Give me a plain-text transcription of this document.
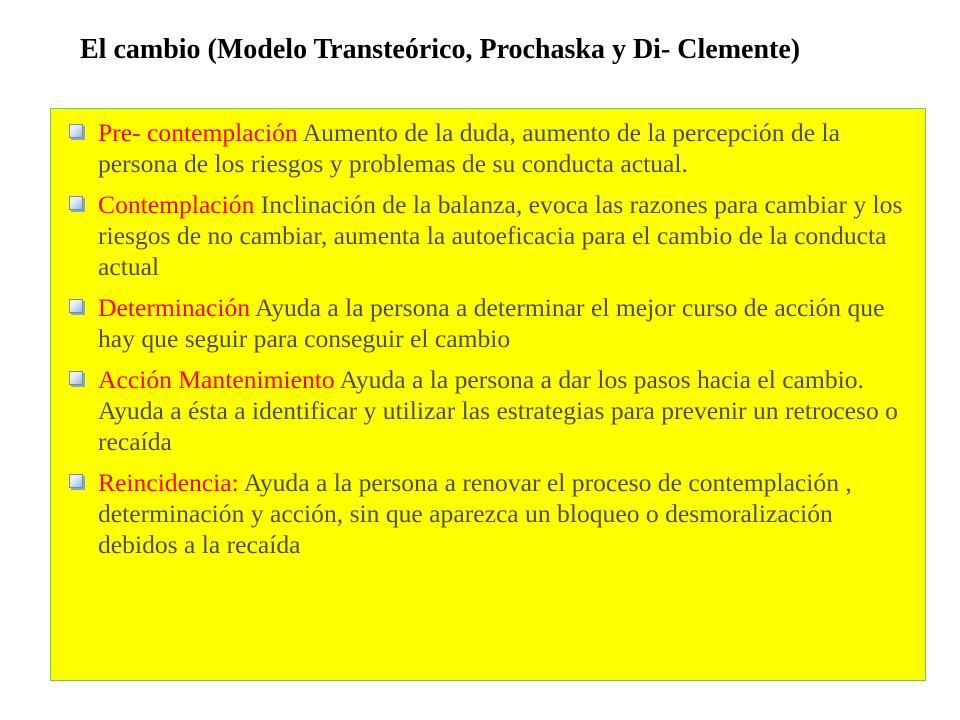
El cambio (Modelo Transteórico, Prochaska y Di- Clemente)
Pre- contemplación Aumento de la duda, aumento de la percepción de la persona de los riesgos y problemas de su conducta actual.
Contemplación Inclinación de la balanza, evoca las razones para cambiar y los riesgos de no cambiar, aumenta la autoeficacia para el cambio de la conducta actual
Determinación Ayuda a la persona a determinar el mejor curso de acción que hay que seguir para conseguir el cambio
Acción Mantenimiento Ayuda a la persona a dar los pasos hacia el cambio. Ayuda a ésta a identificar y utilizar las estrategias para prevenir un retroceso o recaída
Reincidencia: Ayuda a la persona a renovar el proceso de contemplación , determinación y acción, sin que aparezca un bloqueo o desmoralización debidos a la recaída
